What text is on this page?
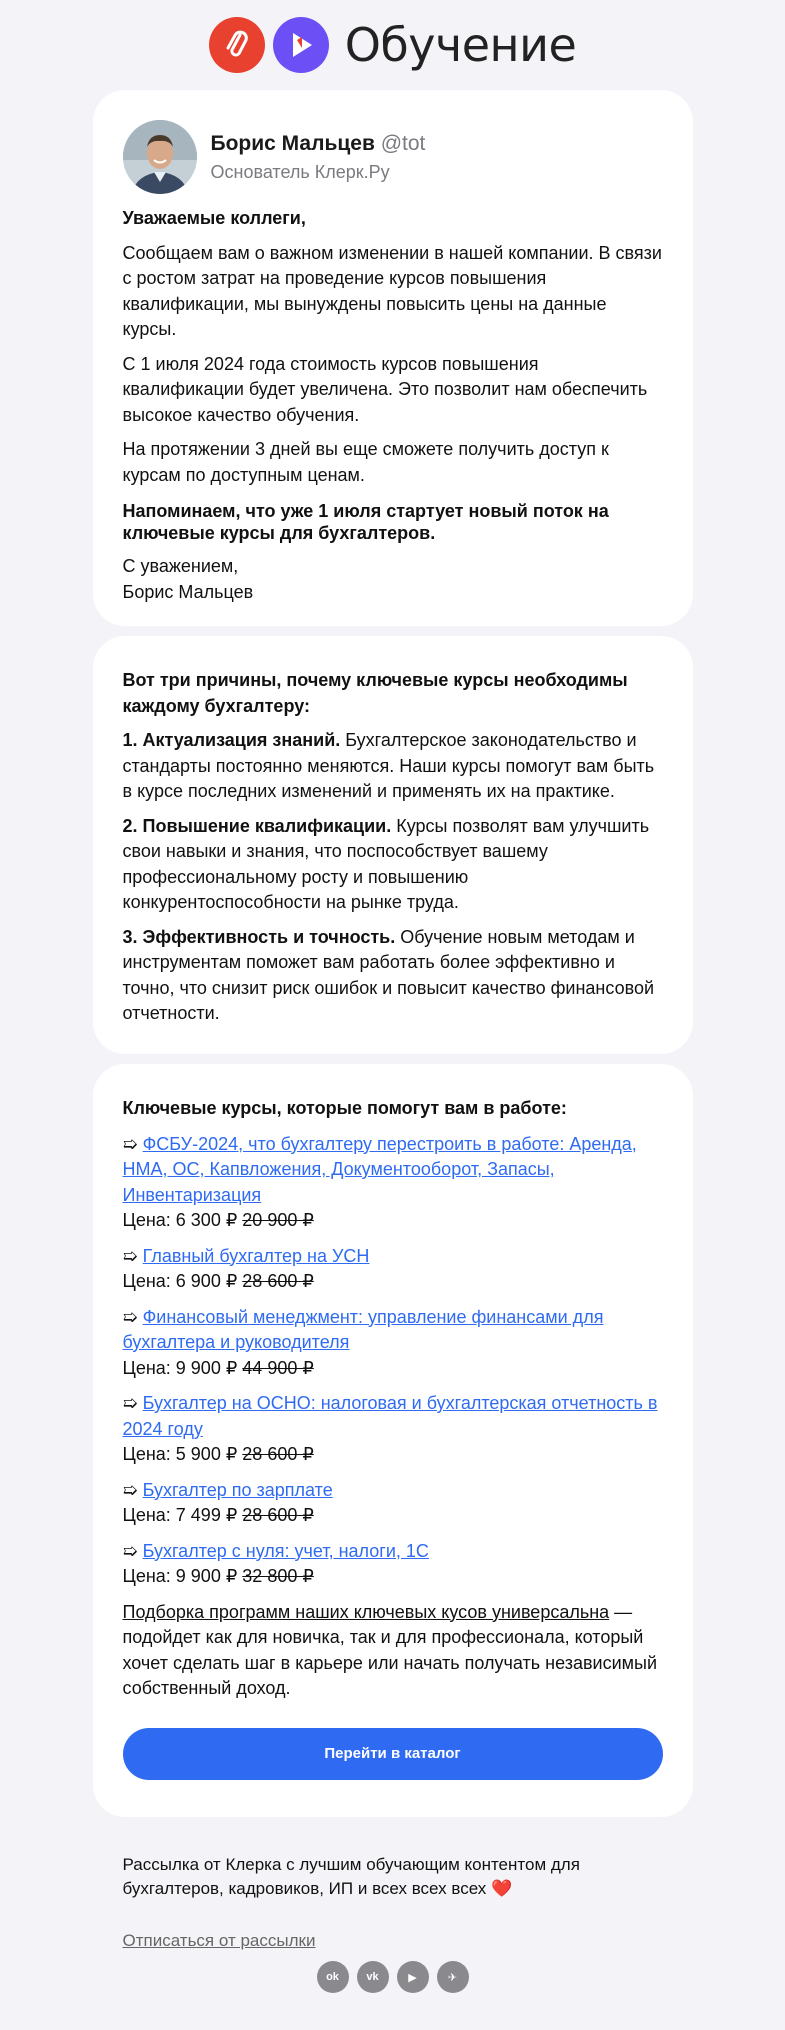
Обучение
Борис Мальцев @tot
Основатель Клерк.Ру

Уважаемые коллеги,

Сообщаем вам о важном изменении в нашей компании. В связи с ростом затрат на проведение курсов повышения квалификации, мы вынуждены повысить цены на данные курсы.

С 1 июля 2024 года стоимость курсов повышения квалификации будет увеличена. Это позволит нам обеспечить высокое качество обучения.

На протяжении 3 дней вы еще сможете получить доступ к курсам по доступным ценам.

Напоминаем, что уже 1 июля стартует новый поток на ключевые курсы для бухгалтеров.

С уважением,
Борис Мальцев

Вот три причины, почему ключевые курсы необходимы каждому бухгалтеру:

1. Актуализация знаний. Бухгалтерское законодательство и стандарты постоянно меняются. Наши курсы помогут вам быть в курсе последних изменений и применять их на практике.

2. Повышение квалификации. Курсы позволят вам улучшить свои навыки и знания, что поспособствует вашему профессиональному росту и повышению конкурентоспособности на рынке труда.

3. Эффективность и точность. Обучение новым методам и инструментам поможет вам работать более эффективно и точно, что снизит риск ошибок и повысит качество финансовой отчетности.

Ключевые курсы, которые помогут вам в работе:

➯ ФСБУ-2024, что бухгалтеру перестроить в работе: Аренда, НМА, ОС, Капвложения, Документооборот, Запасы, Инвентаризация
Цена: 6 300 ₽ 20 900 ₽
➯ Главный бухгалтер на УСН
Цена: 6 900 ₽ 28 600 ₽
➯ Финансовый менеджмент: управление финансами для бухгалтера и руководителя
Цена: 9 900 ₽ 44 900 ₽
➯ Бухгалтер на ОСНО: налоговая и бухгалтерская отчетность в 2024 году
Цена: 5 900 ₽ 28 600 ₽
➯ Бухгалтер по зарплате
Цена: 7 499 ₽ 28 600 ₽
➯ Бухгалтер с нуля: учет, налоги, 1С
Цена: 9 900 ₽ 32 800 ₽

Подборка программ наших ключевых кусов универсальна — подойдет как для новичка, так и для профессионала, который хочет сделать шаг в карьере или начать получать независимый собственный доход.

Перейти в каталог
Рассылка от Клерка с лучшим обучающим контентом для бухгалтеров, кадровиков, ИП и всех всех всех ❤️
Отписаться от рассылки
ok	vk	▶	✈
